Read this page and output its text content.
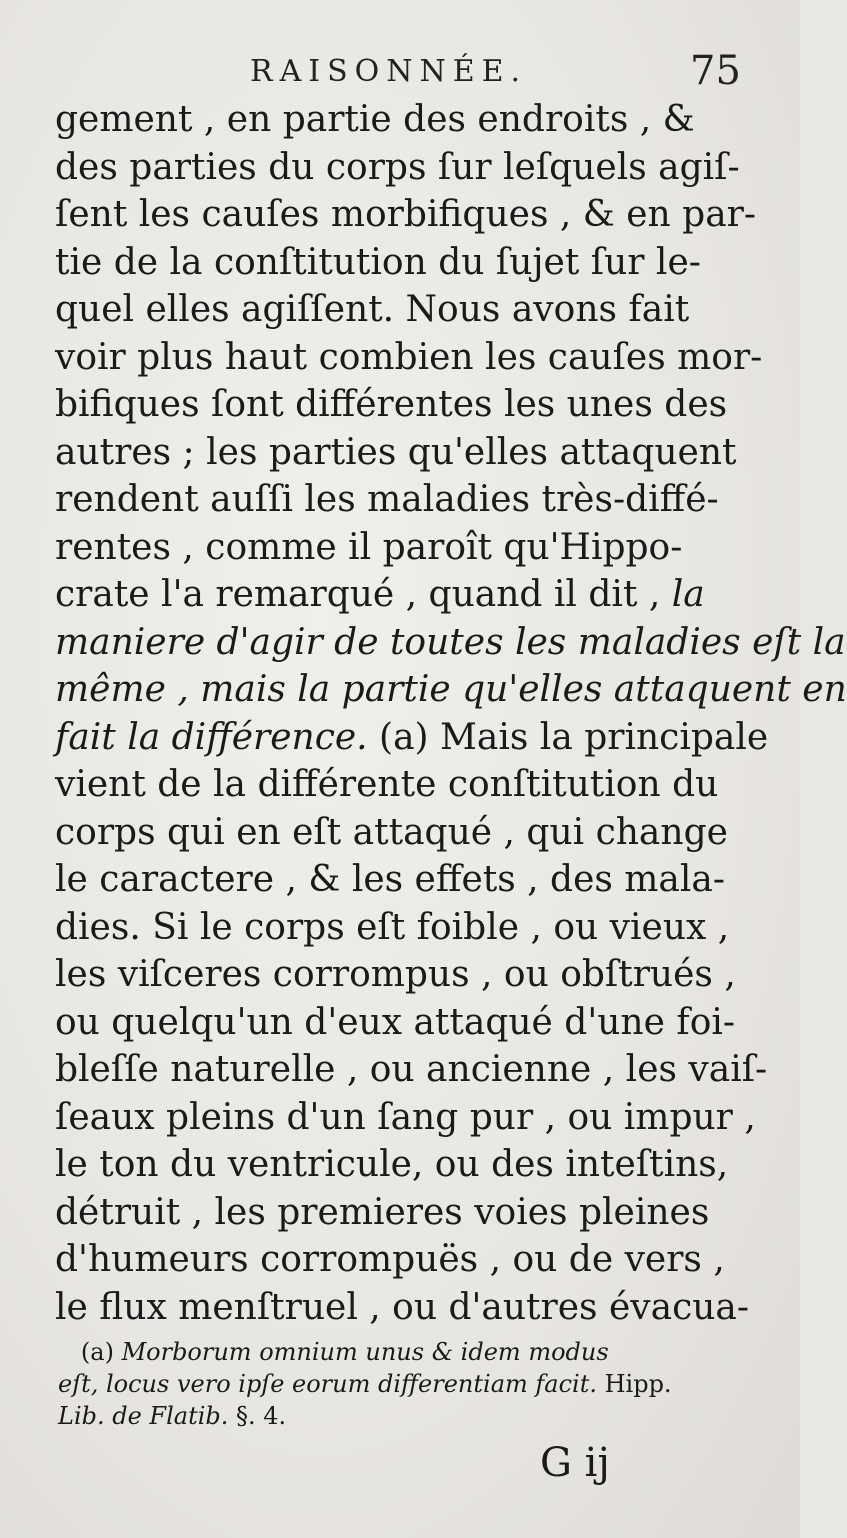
RAISONNÉE.	75
gement , en partie des endroits , &
des parties du corps ſur leſquels agiſ-
ſent les cauſes morbifiques , & en par-
tie de la conſtitution du ſujet ſur le-
quel elles agiſſent. Nous avons fait
voir plus haut combien les cauſes mor-
bifiques ſont différentes les unes des
autres ; les parties qu'elles attaquent
rendent auſſi les maladies très-diffé-
rentes , comme il paroît qu'Hippo-
crate l'a remarqué , quand il dit , la
maniere d'agir de toutes les maladies eſt la
même , mais la partie qu'elles attaquent en
fait la différence. (a) Mais la principale
vient de la différente conſtitution du
corps qui en eſt attaqué , qui change
le caractere , & les effets , des mala-
dies. Si le corps eſt foible , ou vieux ,
les viſceres corrompus , ou obſtrués ,
ou quelqu'un d'eux attaqué d'une foi-
bleſſe naturelle , ou ancienne , les vaiſ-
ſeaux pleins d'un ſang pur , ou impur ,
le ton du ventricule, ou des inteſtins,
détruit , les premieres voies pleines
d'humeurs corrompuës , ou de vers ,
le flux menſtruel , ou d'autres évacua-
(a) Morborum omnium unus & idem modus
eſt, locus vero ipſe eorum differentiam facit. Hipp.
Lib. de Flatib. §. 4.
G ij
